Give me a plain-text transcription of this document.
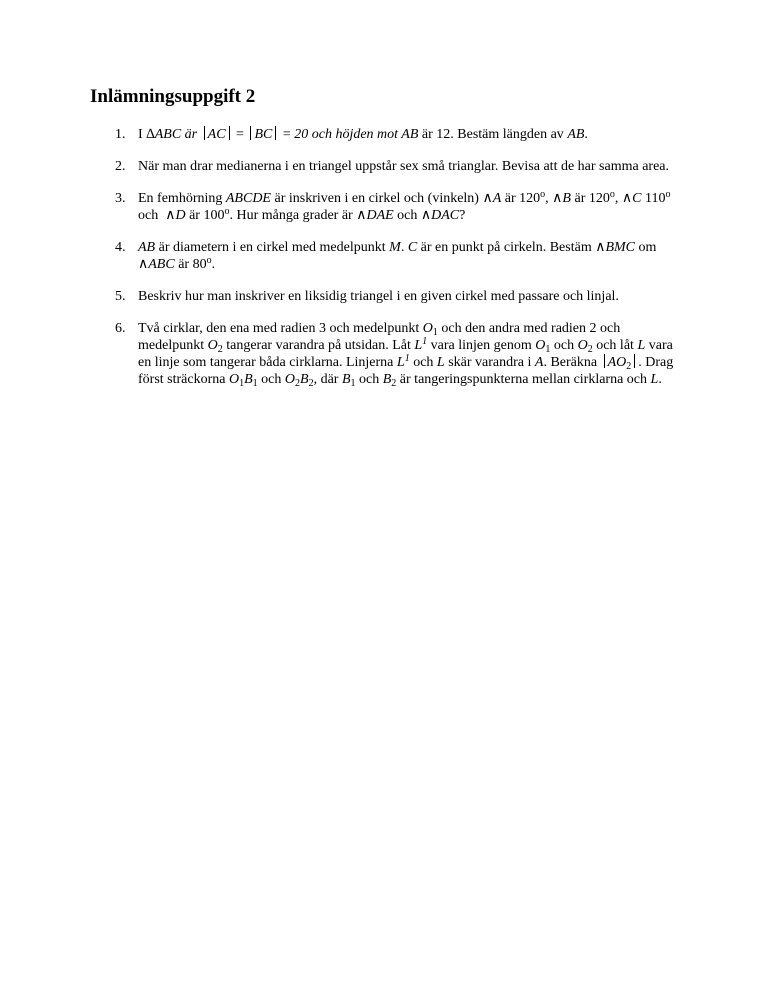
Inlämningsuppgift 2
1. I ∆ABC är AC = BC = 20 och höjden mot AB är 12. Bestäm längden av AB.
2. När man drar medianerna i en triangel uppstår sex små trianglar. Bevisa att de har samma area.
3. En femhörning ABCDE är inskriven i en cirkel och (vinkeln) ∧A är 120$^o$, ∧B är 120$^o$, ∧C 110$^o$ och  ∧D är 100$^o$. Hur många grader är ∧DAE och ∧DAC?
4. AB är diametern i en cirkel med medelpunkt M. C är en punkt på cirkeln. Bestäm ∧BMC om ∧ABC är 80$^o$.
5. Beskriv hur man inskriver en liksidig triangel i en given cirkel med passare och linjal.
6. Två cirklar, den ena med radien 3 och medelpunkt $O_1$ och den andra med radien 2 och medelpunkt $O_2$ tangerar varandra på utsidan. Låt $L^1$ vara linjen genom $O_1$ och $O_2$ och låt L vara en linje som tangerar båda cirklarna. Linjerna $L^1$ och L skär varandra i A. Beräkna $AO_2$ . Drag först sträckorna $O_1B_1$ och $O_2B_2$, där $B_1$ och $B_2$ är tangeringspunkterna mellan cirklarna och L.
